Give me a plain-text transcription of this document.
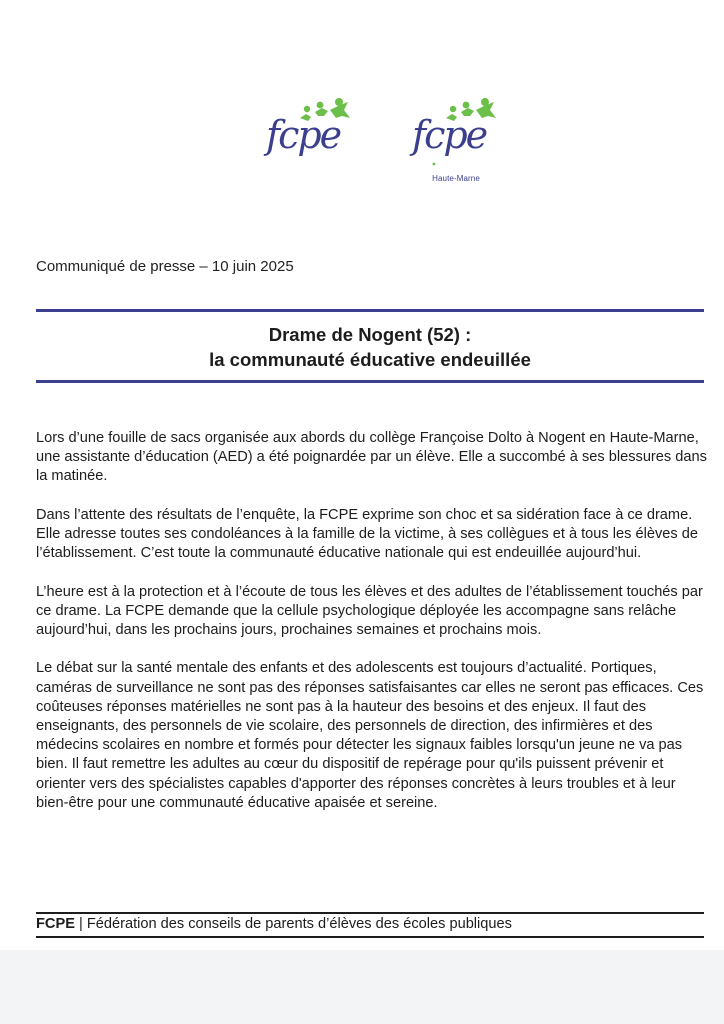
fcpe fcpe
Haute-Marne
Communiqué de presse – 10 juin 2025
Drame de Nogent (52) :
la communauté éducative endeuillée

Lors d’une fouille de sacs organisée aux abords du collège Françoise Dolto à Nogent en Haute-Marne, une assistante d’éducation (AED) a été poignardée par un élève. Elle a succombé à ses blessures dans la matinée.

Dans l’attente des résultats de l’enquête, la FCPE exprime son choc et sa sidération face à ce drame. Elle adresse toutes ses condoléances à la famille de la victime, à ses collègues et à tous les élèves de l’établissement. C’est toute la communauté éducative nationale qui est endeuillée aujourd’hui.

L’heure est à la protection et à l’écoute de tous les élèves et des adultes de l’établissement touchés par ce drame. La FCPE demande que la cellule psychologique déployée les accompagne sans relâche aujourd’hui, dans les prochains jours, prochaines semaines et prochains mois.

Le débat sur la santé mentale des enfants et des adolescents est toujours d’actualité. Portiques, caméras de surveillance ne sont pas des réponses satisfaisantes car elles ne seront pas efficaces. Ces coûteuses réponses matérielles ne sont pas à la hauteur des besoins et des enjeux. Il faut des enseignants, des personnels de vie scolaire, des personnels de direction, des infirmières et des médecins scolaires en nombre et formés pour détecter les signaux faibles lorsqu'un jeune ne va pas bien. Il faut remettre les adultes au cœur du dispositif de repérage pour qu'ils puissent prévenir et orienter vers des spécialistes capables d'apporter des réponses concrètes à leurs troubles et à leur bien-être pour une communauté éducative apaisée et sereine.

FCPE | Fédération des conseils de parents d’élèves des écoles publiques
